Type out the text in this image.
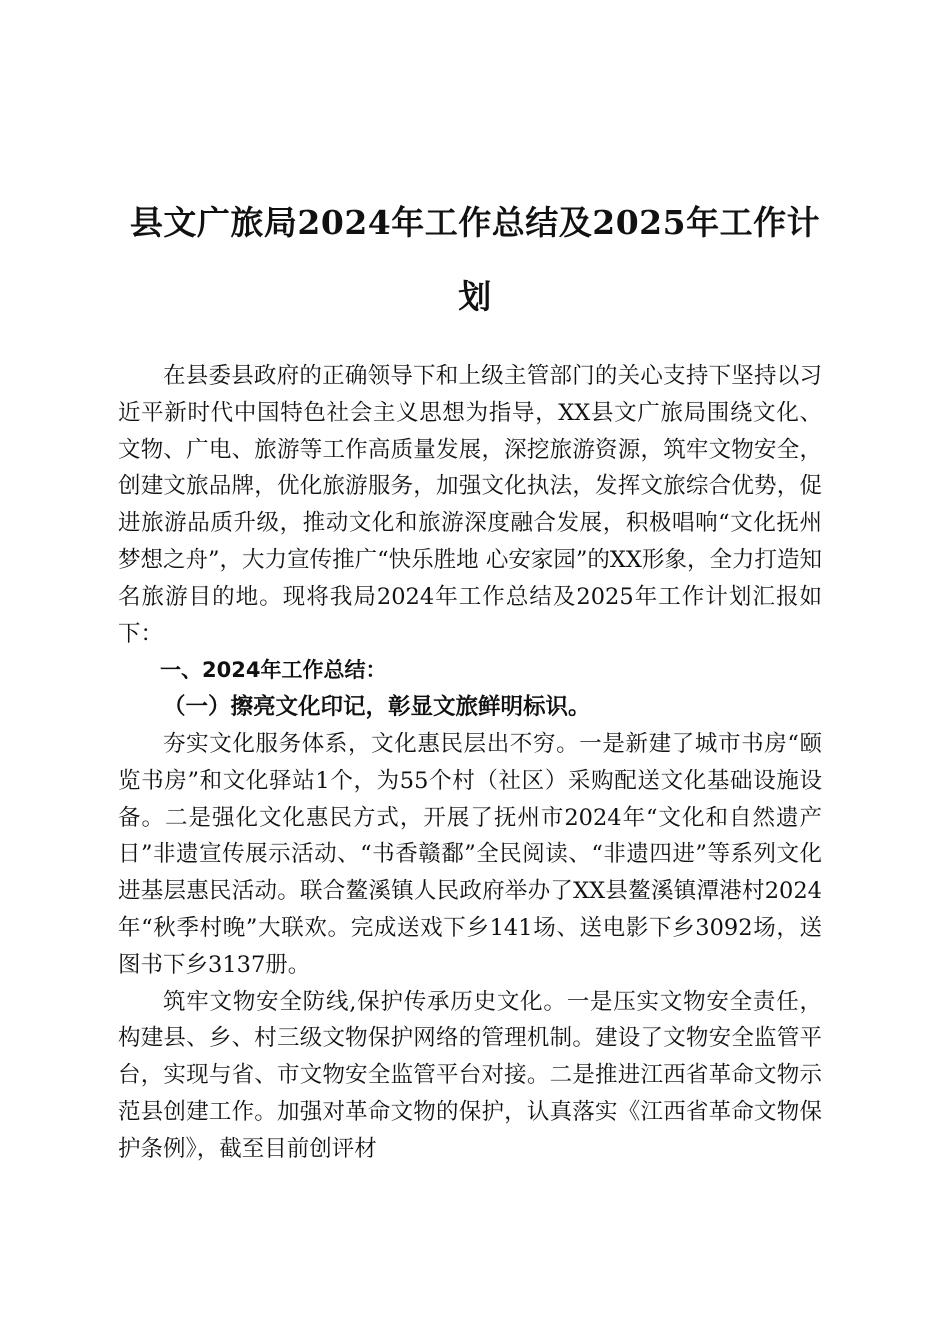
县文广旅局2024年工作总结及2025年工作计
划

在县委县政府的正确领导下和上级主管部门的关心支持下坚持以习近平新时代中国特色社会主义思想为指导，XX县文广旅局围绕文化、文物、广电、旅游等工作高质量发展，深挖旅游资源，筑牢文物安全，创建文旅品牌，优化旅游服务，加强文化执法，发挥文旅综合优势，促进旅游品质升级，推动文化和旅游深度融合发展，积极唱响“文化抚州 梦想之舟”，大力宣传推广“快乐胜地 心安家园”的XX形象，全力打造知名旅游目的地。现将我局2024年工作总结及2025年工作计划汇报如下：

一、2024年工作总结：

（一）擦亮文化印记，彰显文旅鲜明标识。

夯实文化服务体系，文化惠民层出不穷。一是新建了城市书房“颐览书房”和文化驿站1个，为55个村（社区）采购配送文化基础设施设备。二是强化文化惠民方式，开展了抚州市2024年“文化和自然遗产日”非遗宣传展示活动、“书香赣鄱”全民阅读、“非遗四进”等系列文化进基层惠民活动。联合鳌溪镇人民政府举办了XX县鳌溪镇潭港村2024年“秋季村晚”大联欢。完成送戏下乡141场、送电影下乡3092场，送图书下乡3137册。

筑牢文物安全防线,保护传承历史文化。一是压实文物安全责任，构建县、乡、村三级文物保护网络的管理机制。建设了文物安全监管平台，实现与省、市文物安全监管平台对接。二是推进江西省革命文物示范县创建工作。加强对革命文物的保护，认真落实《江西省革命文物保护条例》，截至目前创评材
